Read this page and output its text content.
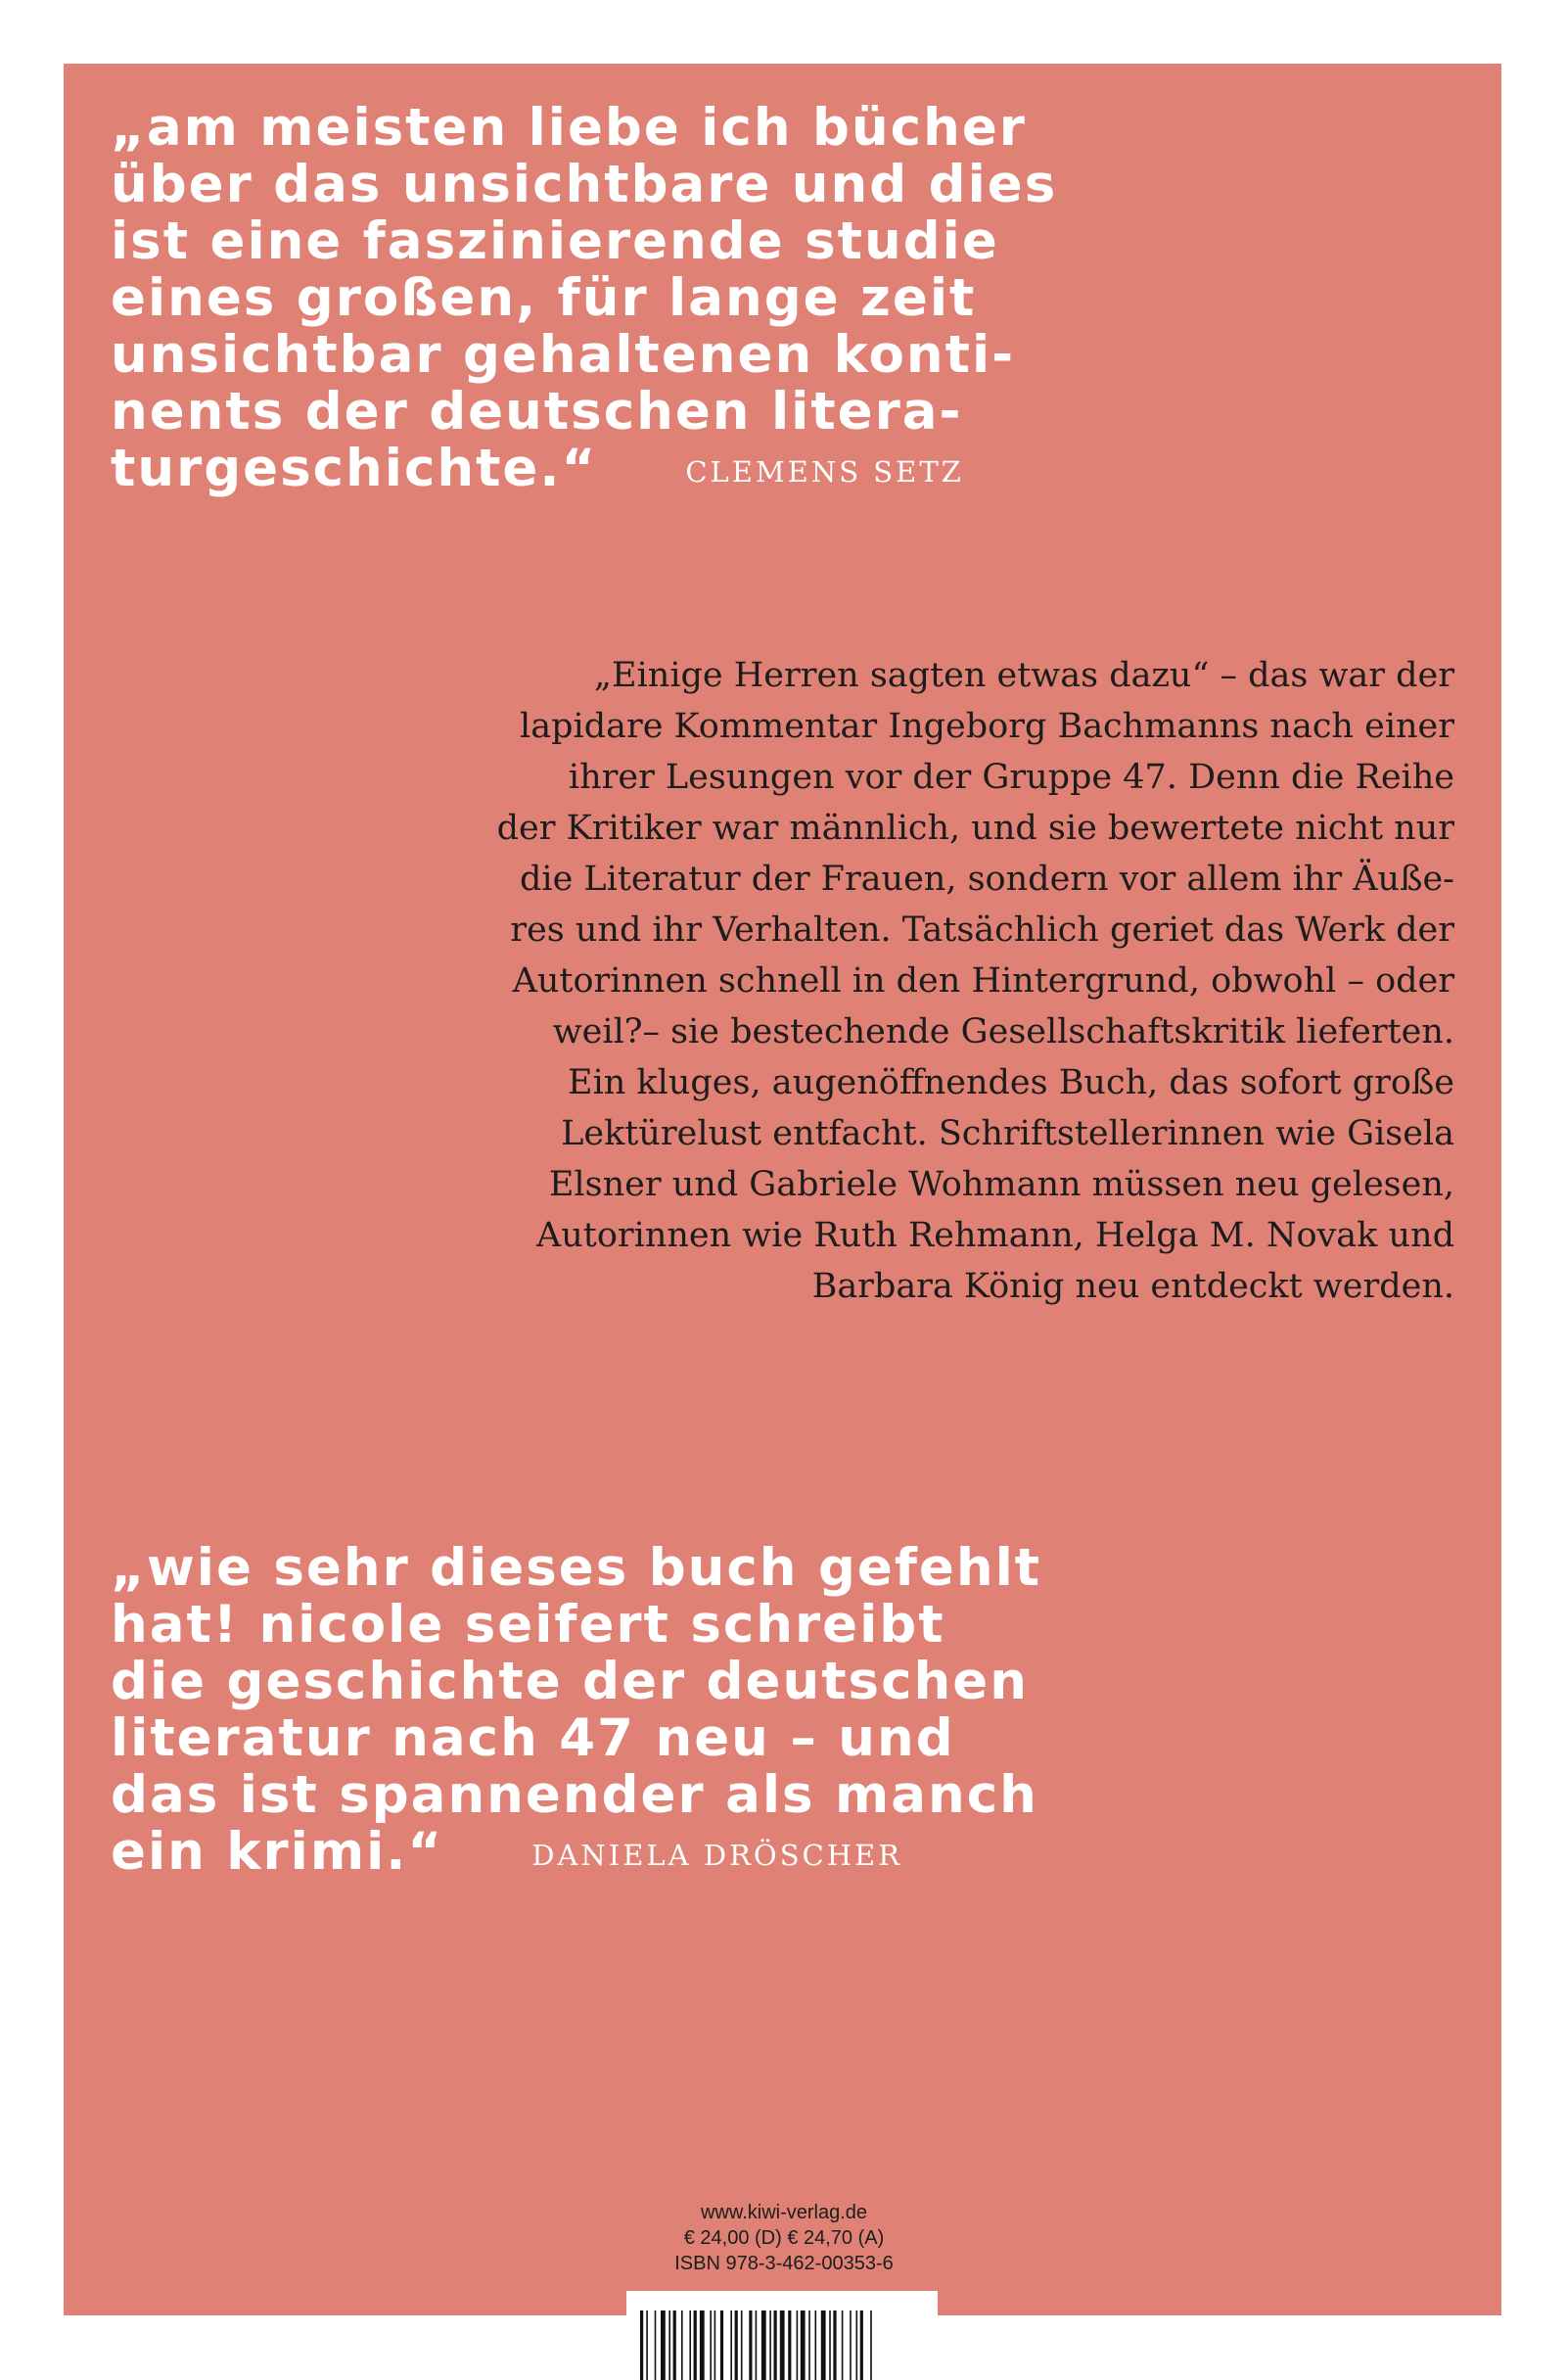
„am meisten liebe ich bücher
über das unsichtbare und dies
ist eine faszinierende studie
eines großen, für lange zeit
unsichtbar gehaltenen konti-
nents der deutschen litera-
turgeschichte.“	CLEMENS SETZ
„Einige Herren sagten etwas dazu“ – das war der
lapidare Kommentar Ingeborg Bachmanns nach einer
ihrer Lesungen vor der Gruppe 47. Denn die Reihe
der Kritiker war männlich, und sie bewertete nicht nur
die Literatur der Frauen, sondern vor allem ihr Äuße-
res und ihr Verhalten. Tatsächlich geriet das Werk der
Autorinnen schnell in den Hintergrund, obwohl – oder
weil?– sie bestechende Gesellschaftskritik lieferten.
Ein kluges, augenöffnendes Buch, das sofort große
Lektürelust entfacht. Schriftstellerinnen wie Gisela
Elsner und Gabriele Wohmann müssen neu gelesen,
Autorinnen wie Ruth Rehmann, Helga M. Novak und
Barbara König neu entdeckt werden.
„wie sehr dieses buch gefehlt
hat! nicole seifert schreibt
die geschichte der deutschen
literatur nach 47 neu – und
das ist spannender als manch
ein krimi.“	DANIELA DRÖSCHER
www.kiwi-verlag.de
€ 24,00 (D) € 24,70 (A)
ISBN 978-3-462-00353-6
